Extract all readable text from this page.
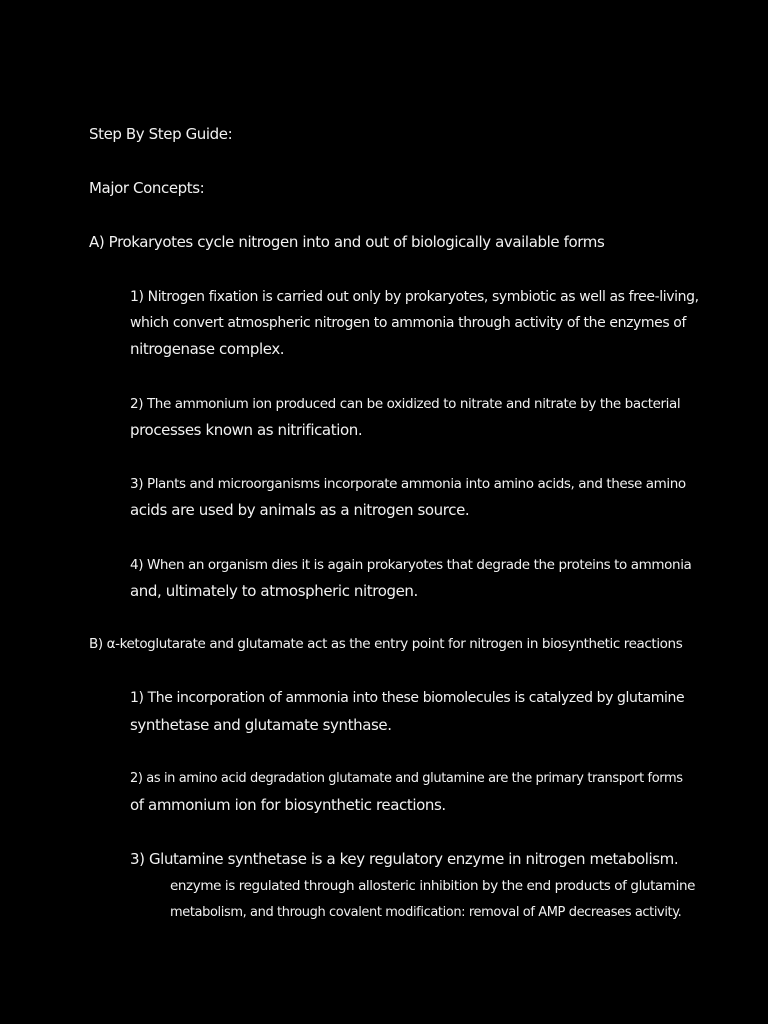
Step By Step Guide:
Major Concepts:
A) Prokaryotes cycle nitrogen into and out of biologically available forms
1) Nitrogen fixation is carried out only by prokaryotes, symbiotic as well as free-living,
which convert atmospheric nitrogen to ammonia through activity of the enzymes of
nitrogenase complex.
2) The ammonium ion produced can be oxidized to nitrate and nitrate by the bacterial
processes known as nitrification.
3) Plants and microorganisms incorporate ammonia into amino acids, and these amino
acids are used by animals as a nitrogen source.
4) When an organism dies it is again prokaryotes that degrade the proteins to ammonia
and, ultimately to atmospheric nitrogen.
B) α-ketoglutarate and glutamate act as the entry point for nitrogen in biosynthetic reactions
1) The incorporation of ammonia into these biomolecules is catalyzed by glutamine
synthetase and glutamate synthase.
2) as in amino acid degradation glutamate and glutamine are the primary transport forms
of ammonium ion for biosynthetic reactions.
3) Glutamine synthetase is a key regulatory enzyme in nitrogen metabolism.
enzyme is regulated through allosteric inhibition by the end products of glutamine
metabolism, and through covalent modification: removal of AMP decreases activity.
